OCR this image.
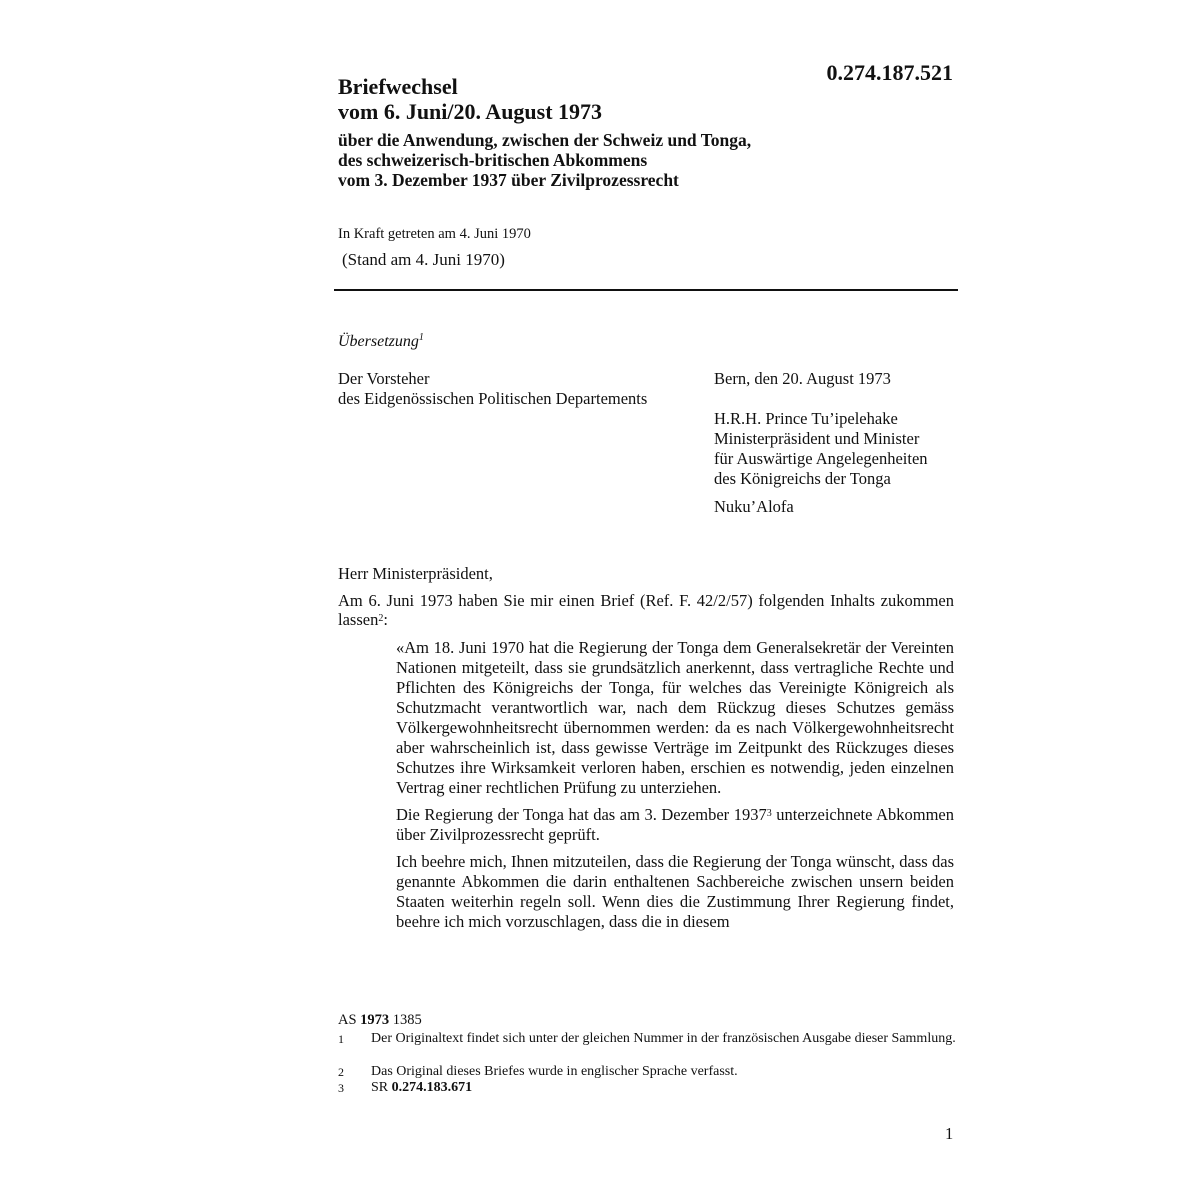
0.274.187.521
Briefwechsel
vom 6. Juni/20. August 1973
über die Anwendung, zwischen der Schweiz und Tonga,
des schweizerisch-britischen Abkommens
vom 3. Dezember 1937 über Zivilprozessrecht
In Kraft getreten am 4. Juni 1970
(Stand am 4. Juni 1970)
Übersetzung$^1$
Der Vorsteher
des Eidgenössischen Politischen Departements
Bern, den 20. August 1973
H.R.H. Prince Tu’ipelehake
Ministerpräsident und Minister
für Auswärtige Angelegenheiten
des Königreichs der Tonga
Nuku’Alofa
Herr Ministerpräsident,
Am 6. Juni 1973 haben Sie mir einen Brief (Ref. F. 42/2/57) folgenden Inhalts zukommen lassen$^2$:

«Am 18. Juni 1970 hat die Regierung der Tonga dem Generalsekretär der Vereinten Nationen mitgeteilt, dass sie grundsätzlich anerkennt, dass vertragliche Rechte und Pflichten des Königreichs der Tonga, für welches das Vereinigte Königreich als Schutzmacht verantwortlich war, nach dem Rückzug dieses Schutzes gemäss Völkergewohnheitsrecht übernommen werden: da es nach Völkergewohnheitsrecht aber wahrscheinlich ist, dass gewisse Verträge im Zeitpunkt des Rückzuges dieses Schutzes ihre Wirksamkeit verloren haben, erschien es notwendig, jeden einzelnen Vertrag einer rechtlichen Prüfung zu unterziehen.

Die Regierung der Tonga hat das am 3. Dezember 1937$^3$ unterzeichnete Abkommen über Zivilprozessrecht geprüft.

Ich beehre mich, Ihnen mitzuteilen, dass die Regierung der Tonga wünscht, dass das genannte Abkommen die darin enthaltenen Sachbereiche zwischen unsern beiden Staaten weiterhin regeln soll. Wenn dies die Zustimmung Ihrer Regierung findet, beehre ich mich vorzuschlagen, dass die in diesem

AS 1973 1385
1 Der Originaltext findet sich unter der gleichen Nummer in der französischen Ausgabe dieser Sammlung.
2 Das Original dieses Briefes wurde in englischer Sprache verfasst.
3 SR 0.274.183.671
1
